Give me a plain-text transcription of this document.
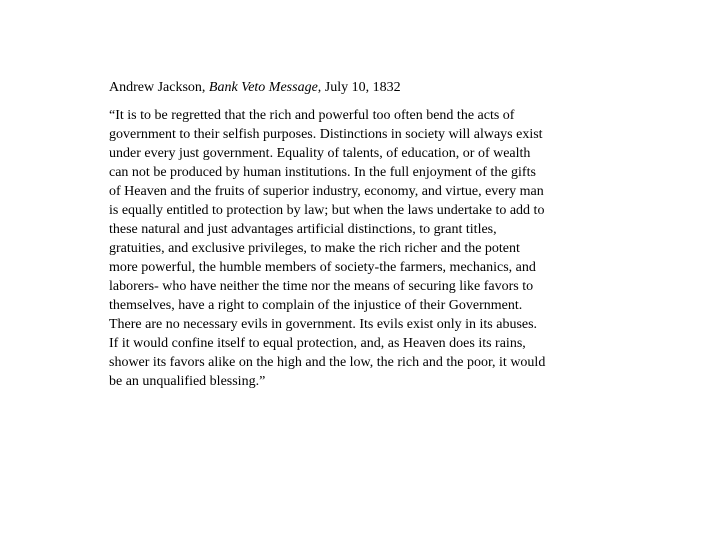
Andrew Jackson, Bank Veto Message, July 10, 1832

“It is to be regretted that the rich and powerful too often bend the acts of
government to their selfish purposes. Distinctions in society will always exist
under every just government. Equality of talents, of education, or of wealth
can not be produced by human institutions. In the full enjoyment of the gifts
of Heaven and the fruits of superior industry, economy, and virtue, every man
is equally entitled to protection by law; but when the laws undertake to add to
these natural and just advantages artificial distinctions, to grant titles,
gratuities, and exclusive privileges, to make the rich richer and the potent
more powerful, the humble members of society-the farmers, mechanics, and
laborers- who have neither the time nor the means of securing like favors to
themselves, have a right to complain of the injustice of their Government.
There are no necessary evils in government. Its evils exist only in its abuses.
If it would confine itself to equal protection, and, as Heaven does its rains,
shower its favors alike on the high and the low, the rich and the poor, it would
be an unqualified blessing.”
